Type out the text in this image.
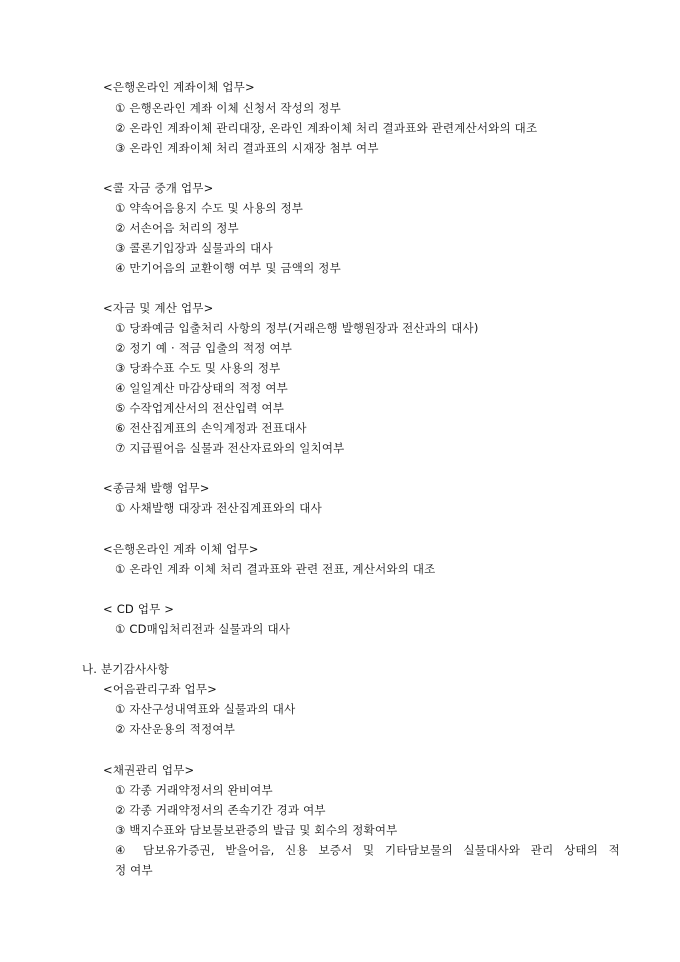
<은행온라인 계좌이체 업무>
① 은행온라인 계좌 이체 신청서 작성의 정부
② 온라인 계좌이체 관리대장, 온라인 계좌이체 처리 결과표와 관련계산서와의 대조
③ 온라인 계좌이체 처리 결과표의 시재장 첨부 여부
<콜 자금 중개 업무>
① 약속어음용지 수도 및 사용의 정부
② 서손어음 처리의 정부
③ 콜론기입장과 실물과의 대사
④ 만기어음의 교환이행 여부 및 금액의 정부
<자금 및 계산 업무>
① 당좌예금 입출처리 사항의 정부(거래은행 발행원장과 전산과의 대사)
② 정기 예 · 적금 입출의 적정 여부
③ 당좌수표 수도 및 사용의 정부
④ 일일계산 마감상태의 적정 여부
⑤ 수작업계산서의 전산입력 여부
⑥ 전산집계표의 손익계정과 전표대사
⑦ 지급필어음 실물과 전산자료와의 일치여부
<종금채 발행 업무>
① 사채발행 대장과 전산집계표와의 대사
<은행온라인 계좌 이체 업무>
① 온라인 계좌 이체 처리 결과표와 관련 전표, 계산서와의 대조
< CD 업무 >
① CD매입처리전과 실물과의 대사
나. 분기감사사항
<어음관리구좌 업무>
① 자산구성내역표와 실물과의 대사
② 자산운용의 적정여부
<채권관리 업무>
① 각종 거래약정서의 완비여부
② 각종 거래약정서의 존속기간 경과 여부
③ 백지수표와 담보물보관증의 발급 및 회수의 정확여부
④ 담보유가증권, 받을어음, 신용 보증서 및 기타담보물의 실물대사와 관리 상태의 적
정 여부
